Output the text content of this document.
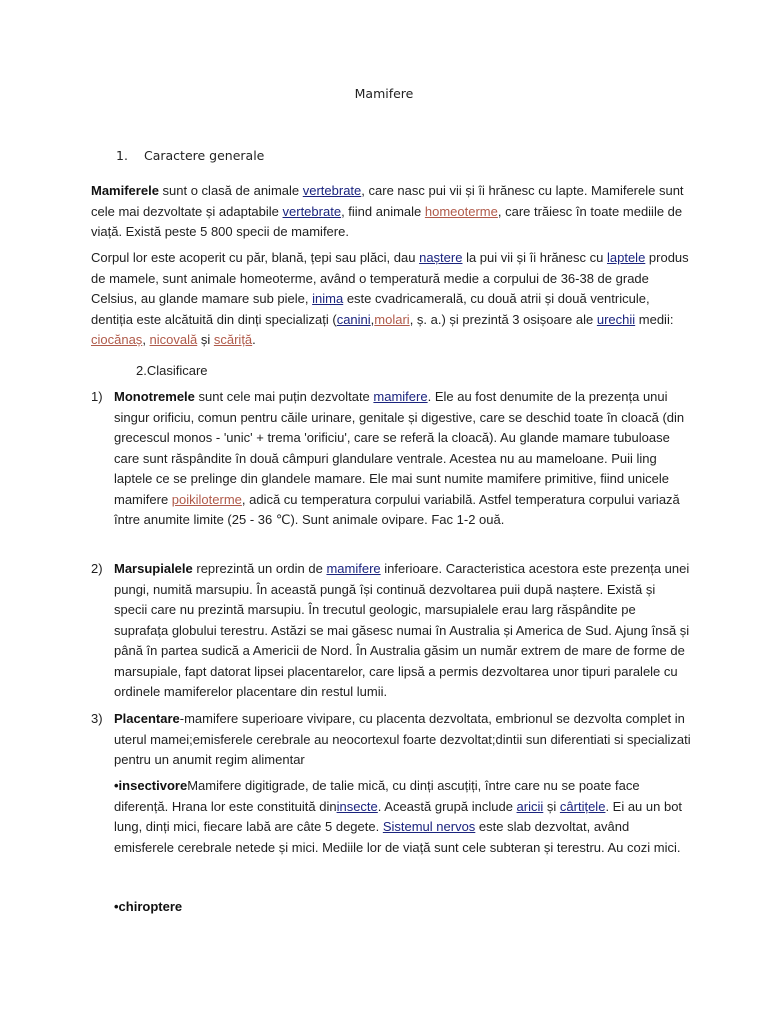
Mamifere
1. Caractere generale

Mamiferele sunt o clasă de animale vertebrate, care nasc pui vii și îi hrănesc cu lapte. Mamiferele sunt cele mai dezvoltate și adaptabile vertebrate, fiind animale homeoterme, care trăiesc în toate mediile de viață. Există peste 5 800 specii de mamifere.

Corpul lor este acoperit cu păr, blană, țepi sau plăci, dau naștere la pui vii și îi hrănesc cu laptele produs de mamele, sunt animale homeoterme, având o temperatură medie a corpului de 36-38 de grade Celsius, au glande mamare sub piele, inima este cvadricamerală, cu două atrii și două ventricule, dentiția este alcătuită din dinți specializați (canini,molari, ș. a.) și prezintă 3 osișoare ale urechii medii: ciocănaș, nicovală și scăriță.

2.Clasificare
1) Monotremele sunt cele mai puțin dezvoltate mamifere. Ele au fost denumite de la prezența unui singur orificiu, comun pentru căile urinare, genitale și digestive, care se deschid toate în cloacă (din grecescul monos - 'unic' + trema 'orificiu', care se referă la cloacă). Au glande mamare tubuloase care sunt răspândite în două câmpuri glandulare ventrale. Acestea nu au mameloane. Puii ling laptele ce se prelinge din glandele mamare. Ele mai sunt numite mamifere primitive, fiind unicele mamifere poikiloterme, adică cu temperatura corpului variabilă. Astfel temperatura corpului variază între anumite limite (25 - 36 ℃). Sunt animale ovipare. Fac 1-2 ouă.
2) Marsupialele reprezintă un ordin de mamifere inferioare. Caracteristica acestora este prezența unei pungi, numită marsupiu. În această pungă își continuă dezvoltarea puii după naștere. Există și specii care nu prezintă marsupiu. În trecutul geologic, marsupialele erau larg răspândite pe suprafața globului terestru. Astăzi se mai găsesc numai în Australia și America de Sud. Ajung însă și până în partea sudică a Americii de Nord. În Australia găsim un număr extrem de mare de forme de marsupiale, fapt datorat lipsei placentarelor, care lipsă a permis dezvoltarea unor tipuri paralele cu ordinele mamiferelor placentare din restul lumii.
3) Placentare-mamifere superioare vivipare, cu placenta dezvoltata, embrionul se dezvolta complet in uterul mamei;emisferele cerebrale au neocortexul foarte dezvoltat;dintii sun diferentiati si specializati pentru un anumit regim alimentar
•insectivoreMamifere digitigrade, de talie mică, cu dinți ascuțiți, între care nu se poate face diferență. Hrana lor este constituită dininsecte. Această grupă include aricii și cârtițele. Ei au un bot lung, dinți mici, fiecare labă are câte 5 degete. Sistemul nervos este slab dezvoltat, având emisferele cerebrale netede și mici. Mediile lor de viață sunt cele subteran și terestru. Au cozi mici.
•chiroptere
